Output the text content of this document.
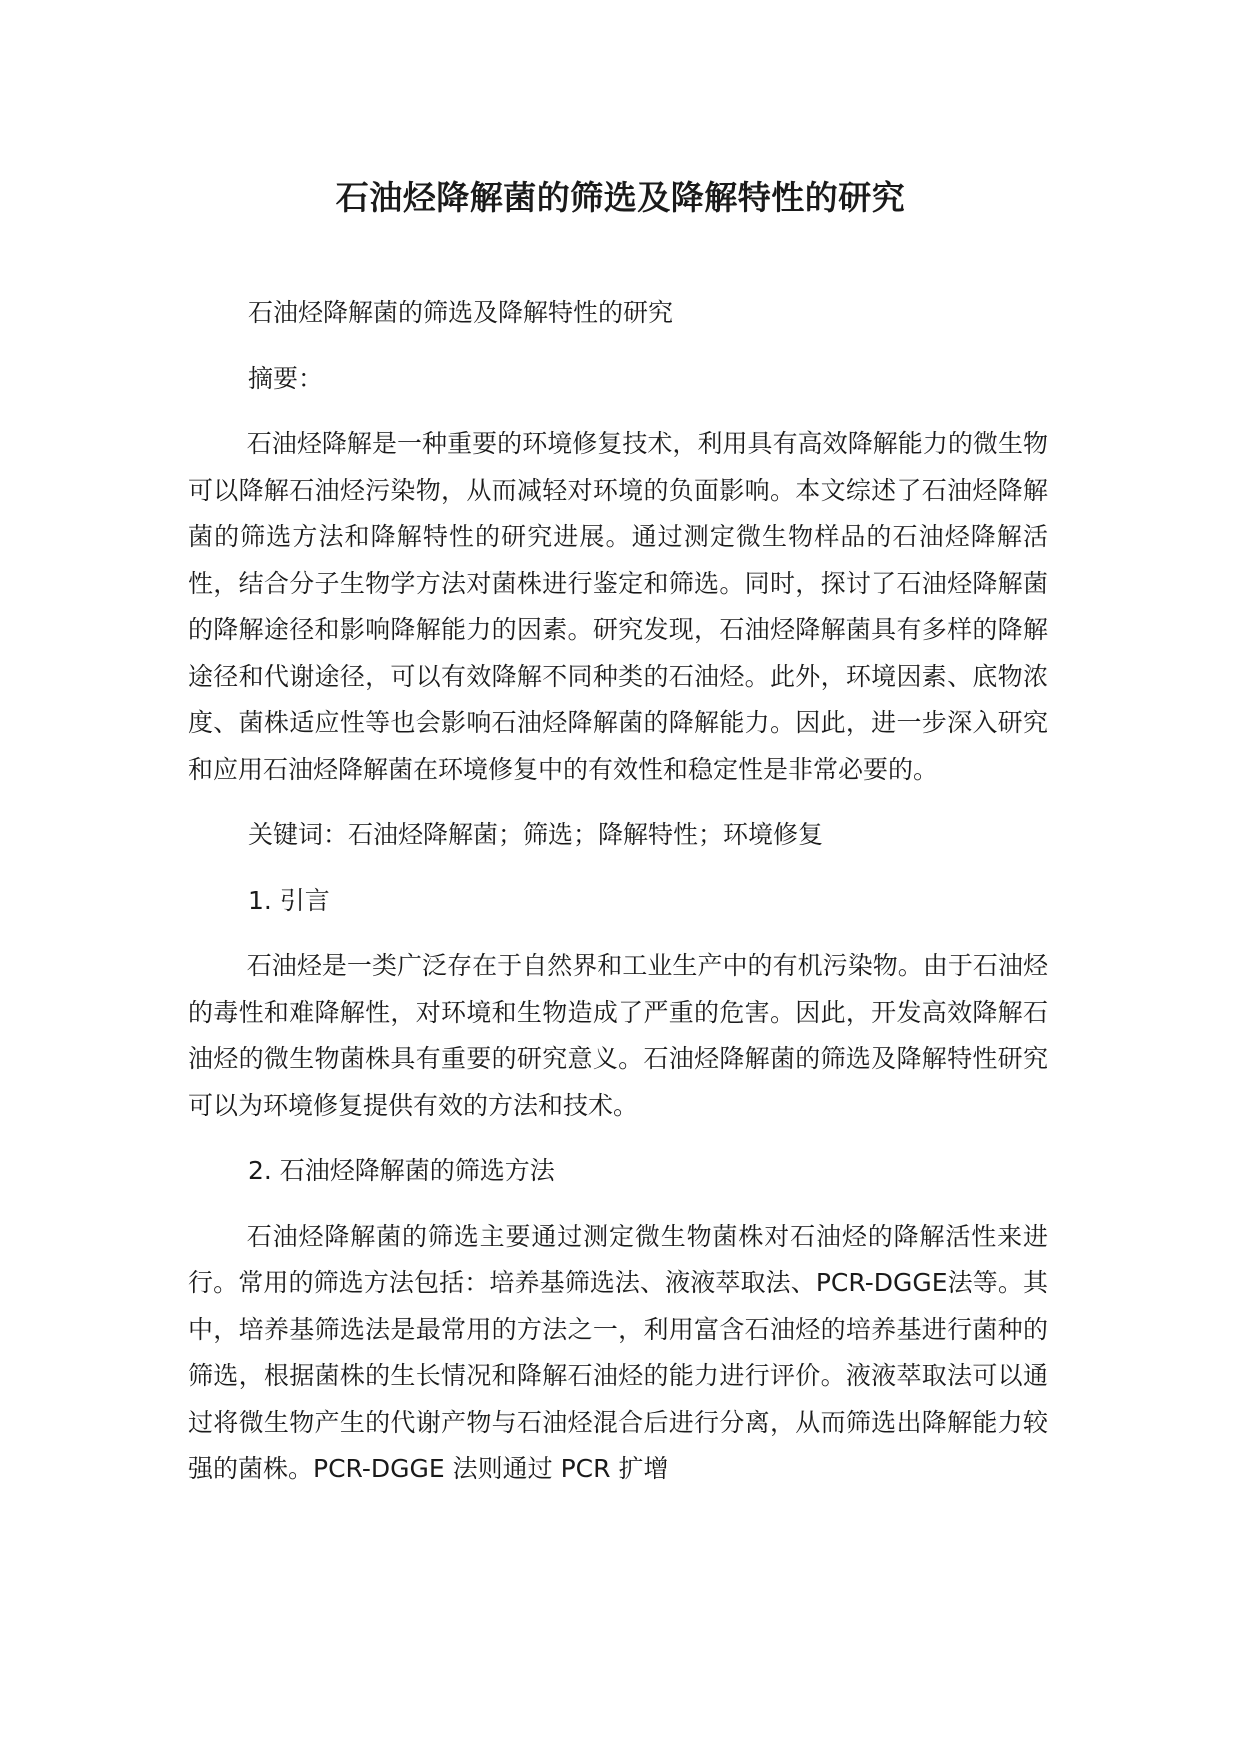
石油烃降解菌的筛选及降解特性的研究

石油烃降解菌的筛选及降解特性的研究

摘要：

石油烃降解是一种重要的环境修复技术，利用具有高效降解能力的微生物可以降解石油烃污染物，从而减轻对环境的负面影响。本文综述了石油烃降解菌的筛选方法和降解特性的研究进展。通过测定微生物样品的石油烃降解活性，结合分子生物学方法对菌株进行鉴定和筛选。同时，探讨了石油烃降解菌的降解途径和影响降解能力的因素。研究发现，石油烃降解菌具有多样的降解途径和代谢途径，可以有效降解不同种类的石油烃。此外，环境因素、底物浓度、菌株适应性等也会影响石油烃降解菌的降解能力。因此，进一步深入研究和应用石油烃降解菌在环境修复中的有效性和稳定性是非常必要的。

关键词：石油烃降解菌；筛选；降解特性；环境修复

1. 引言

石油烃是一类广泛存在于自然界和工业生产中的有机污染物。由于石油烃的毒性和难降解性，对环境和生物造成了严重的危害。因此，开发高效降解石油烃的微生物菌株具有重要的研究意义。石油烃降解菌的筛选及降解特性研究可以为环境修复提供有效的方法和技术。

2. 石油烃降解菌的筛选方法

石油烃降解菌的筛选主要通过测定微生物菌株对石油烃的降解活性来进行。常用的筛选方法包括：培养基筛选法、液液萃取法、PCR-DGGE法等。其中，培养基筛选法是最常用的方法之一，利用富含石油烃的培养基进行菌种的筛选，根据菌株的生长情况和降解石油烃的能力进行评价。液液萃取法可以通过将微生物产生的代谢产物与石油烃混合后进行分离，从而筛选出降解能力较强的菌株。PCR-DGGE 法则通过 PCR 扩增
